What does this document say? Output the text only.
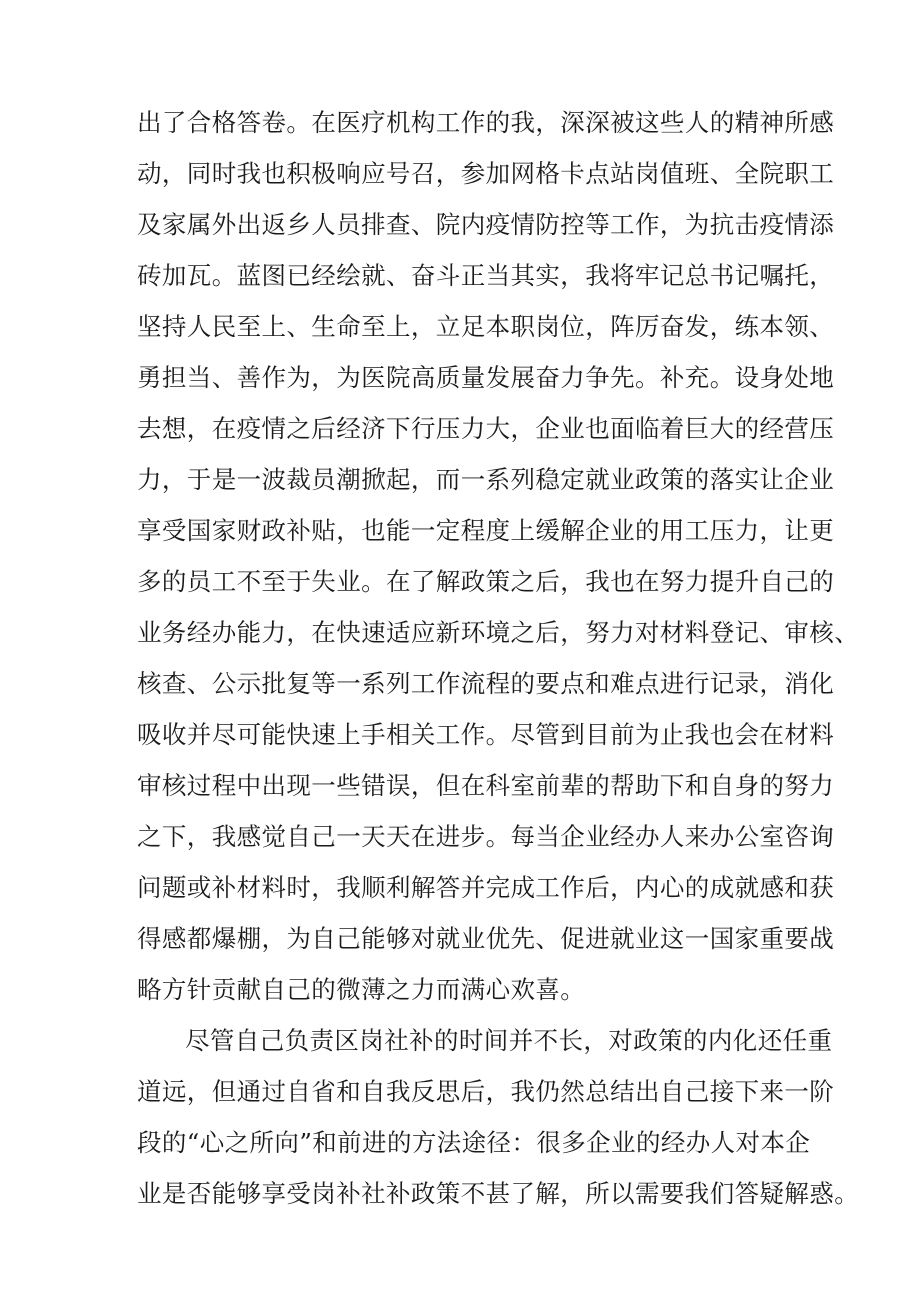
出了合格答卷。在医疗机构工作的我，深深被这些人的精神所感
动，同时我也积极响应号召，参加网格卡点站岗值班、全院职工
及家属外出返乡人员排查、院内疫情防控等工作，为抗击疫情添
砖加瓦。蓝图已经绘就、奋斗正当其实，我将牢记总书记嘱托，
坚持人民至上、生命至上，立足本职岗位，阵厉奋发，练本领、
勇担当、善作为，为医院高质量发展奋力争先。补充。设身处地
去想，在疫情之后经济下行压力大，企业也面临着巨大的经营压
力，于是一波裁员潮掀起，而一系列稳定就业政策的落实让企业
享受国家财政补贴，也能一定程度上缓解企业的用工压力，让更
多的员工不至于失业。在了解政策之后，我也在努力提升自己的
业务经办能力，在快速适应新环境之后，努力对材料登记、审核、
核查、公示批复等一系列工作流程的要点和难点进行记录，消化
吸收并尽可能快速上手相关工作。尽管到目前为止我也会在材料
审核过程中出现一些错误，但在科室前辈的帮助下和自身的努力
之下，我感觉自己一天天在进步。每当企业经办人来办公室咨询
问题或补材料时，我顺利解答并完成工作后，内心的成就感和获
得感都爆棚，为自己能够对就业优先、促进就业这一国家重要战
略方针贡献自己的微薄之力而满心欢喜。
尽管自己负责区岗社补的时间并不长，对政策的内化还任重
道远，但通过自省和自我反思后，我仍然总结出自己接下来一阶
段的“心之所向”和前进的方法途径：很多企业的经办人对本企
业是否能够享受岗补社补政策不甚了解，所以需要我们答疑解惑。
